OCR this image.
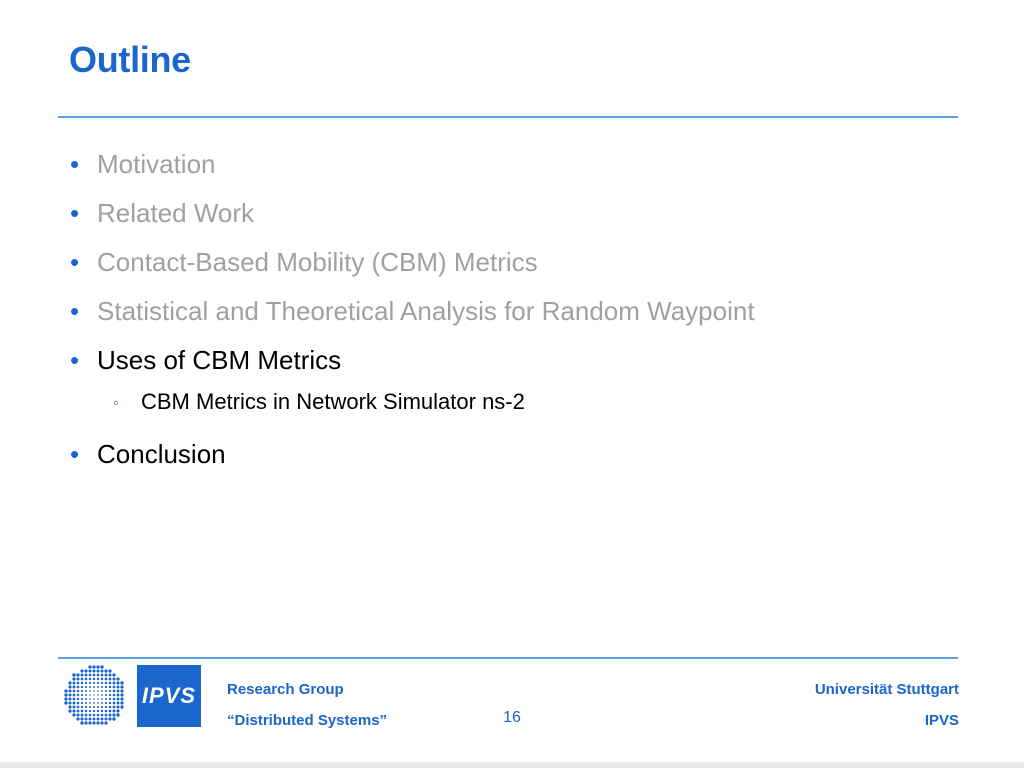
Outline
• Motivation
• Related Work
• Contact-Based Mobility (CBM) Metrics
• Statistical and Theoretical Analysis for Random Waypoint
• Uses of CBM Metrics
◦ CBM Metrics in Network Simulator ns-2
• Conclusion
IPVS Research Group
“Distributed Systems”	16
Universität Stuttgart
IPVS
